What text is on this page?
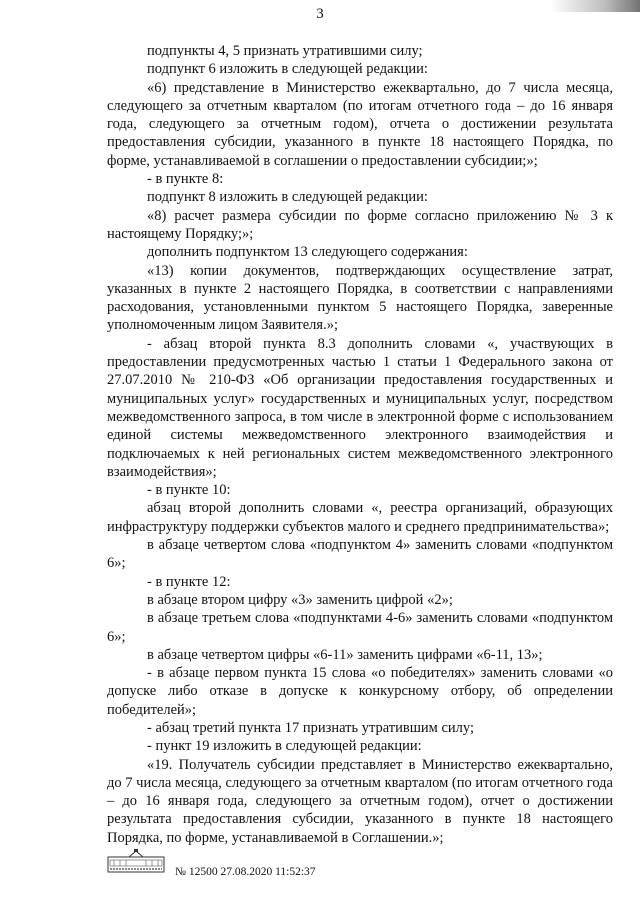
3

подпункты 4, 5 признать утратившими силу;

подпункт 6 изложить в следующей редакции:

«6) представление в Министерство ежеквартально, до 7 числа месяца, следующего за отчетным кварталом (по итогам отчетного года – до 16 января года, следующего за отчетным годом), отчета о достижении результата предоставления субсидии, указанного в пункте 18 настоящего Порядка, по форме, устанавливаемой в соглашении о предоставлении субсидии;»;

- в пункте 8:

подпункт 8 изложить в следующей редакции:

«8) расчет размера субсидии по форме согласно приложению № 3 к настоящему Порядку;»;

дополнить подпунктом 13 следующего содержания:

«13) копии документов, подтверждающих осуществление затрат, указанных в пункте 2 настоящего Порядка, в соответствии с направлениями расходования, установленными пунктом 5 настоящего Порядка, заверенные уполномоченным лицом Заявителя.»;

- абзац второй пункта 8.3 дополнить словами «, участвующих в предоставлении предусмотренных частью 1 статьи 1 Федерального закона от 27.07.2010 № 210-ФЗ «Об организации предоставления государственных и муниципальных услуг» государственных и муниципальных услуг, посредством межведомственного запроса, в том числе в электронной форме с использованием единой системы межведомственного электронного взаимодействия и подключаемых к ней региональных систем межведомственного электронного взаимодействия»;

- в пункте 10:

абзац второй дополнить словами «, реестра организаций, образующих инфраструктуру поддержки субъектов малого и среднего предпринимательства»;

в абзаце четвертом слова «подпунктом 4» заменить словами «подпунктом 6»;

- в пункте 12:

в абзаце втором цифру «3» заменить цифрой «2»;

в абзаце третьем слова «подпунктами 4-6» заменить словами «подпунктом 6»;

в абзаце четвертом цифры «6-11» заменить цифрами «6-11, 13»;

- в абзаце первом пункта 15 слова «о победителях» заменить словами «о допуске либо отказе в допуске к конкурсному отбору, об определении победителей»;

- абзац третий пункта 17 признать утратившим силу;

- пункт 19 изложить в следующей редакции:

«19. Получатель субсидии представляет в Министерство ежеквартально, до 7 числа месяца, следующего за отчетным кварталом (по итогам отчетного года – до 16 января года, следующего за отчетным годом), отчет о достижении результата предоставления субсидии, указанного в пункте 18 настоящего Порядка, по форме, устанавливаемой в Соглашении.»;

№ 12500 27.08.2020 11:52:37
